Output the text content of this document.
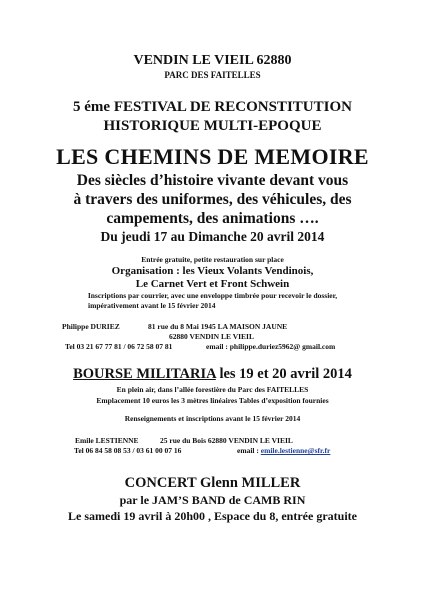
VENDIN LE VIEIL 62880
PARC DES FAITELLES
5 éme FESTIVAL DE RECONSTITUTION
HISTORIQUE MULTI-EPOQUE
LES CHEMINS DE MEMOIRE
Des siècles d’histoire vivante devant vous
à travers des uniformes, des véhicules, des
campements, des animations ….
Du jeudi 17 au Dimanche 20 avril 2014
Entrée gratuite, petite restauration sur place
Organisation : les Vieux Volants Vendinois,
Le Carnet Vert et Front Schwein
Inscriptions par courrier, avec une enveloppe timbrée pour recevoir le dossier,
impérativement avant le 15 février 2014
Philippe DURIEZ	81 rue du 8 Mai 1945 LA MAISON JAUNE
62880 VENDIN LE VIEIL
Tel 03 21 67 77 81 / 06 72 58 07 81	email : philippe.duriez5962@ gmail.com
BOURSE MILITARIA les 19 et 20 avril 2014
En plein air, dans l’allée forestière du Parc des FAITELLES
Emplacement 10 euros les 3 mètres linéaires Tables d’exposition fournies
Renseignements et inscriptions avant le 15 février 2014
Emile LESTIENNE	25 rue du Bois 62880 VENDIN LE VIEIL
Tel 06 84 58 08 53 / 03 61 00 07 16	email : emile.lestienne@sfr.fr
CONCERT Glenn MILLER
par le JAM’S BAND de CAMB RIN
Le samedi 19 avril à 20h00 , Espace du 8, entrée gratuite
